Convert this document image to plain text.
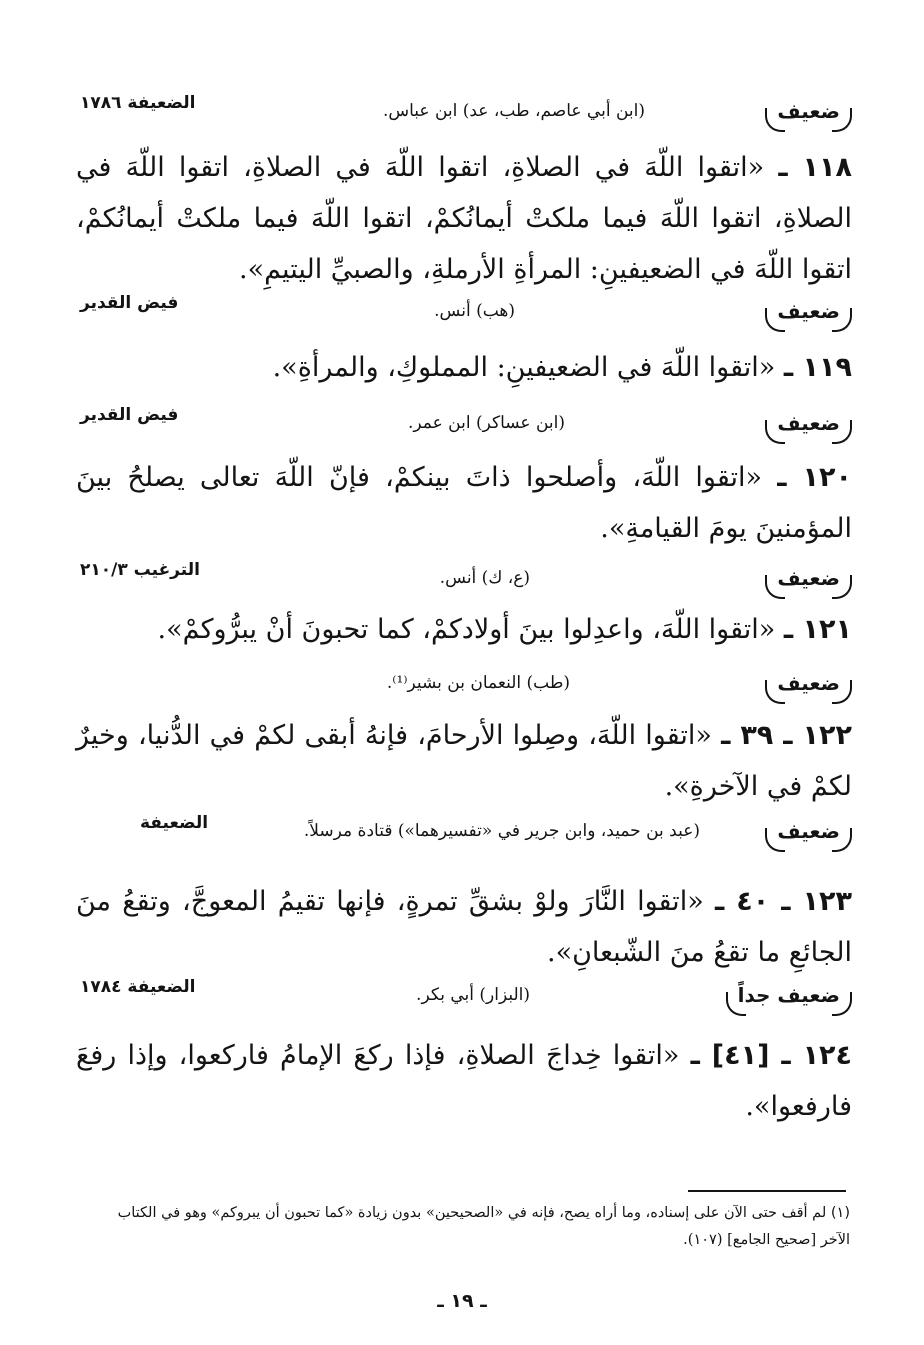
ضعيف
(ابن أبي عاصم، طب، عد) ابن عباس.
الضعيفة ١٧٨٦
١١٨ ـ «اتقوا اللّهَ في الصلاةِ، اتقوا اللّهَ في الصلاةِ، اتقوا اللّهَ في الصلاةِ، اتقوا اللّهَ فيما ملكتْ أيمانُكمْ، اتقوا اللّهَ فيما ملكتْ أيمانُكمْ، اتقوا اللّهَ في الضعيفينِ: المرأةِ الأرملةِ، والصبيِّ اليتيمِ».
ضعيف
(هب) أنس.
فيض القدير
١١٩ ـ «اتقوا اللّهَ في الضعيفينِ: المملوكِ، والمرأةِ».
ضعيف
(ابن عساكر) ابن عمر.
فيض القدير
١٢٠ ـ «اتقوا اللّهَ، وأصلحوا ذاتَ بينكمْ، فإنّ اللّهَ تعالى يصلحُ بينَ المؤمنينَ يومَ القيامةِ».
ضعيف
(ع، ك) أنس.
الترغيب ٢١٠/٣
١٢١ ـ «اتقوا اللّهَ، واعدِلوا بينَ أولادكمْ، كما تحبونَ أنْ يبرُّوكمْ».
ضعيف
(طب) النعمان بن بشير⁽¹⁾.
١٢٢ ـ ٣٩ ـ «اتقوا اللّهَ، وصِلوا الأرحامَ، فإنهُ أبقى لكمْ في الدُّنيا، وخيرٌ لكمْ في الآخرةِ».
ضعيف
(عبد بن حميد، وابن جرير في «تفسيرهما») قتادة مرسلاً.
الضعيفة
١٢٣ ـ ٤٠ ـ «اتقوا النَّارَ ولوْ بشقِّ تمرةٍ، فإنها تقيمُ المعوجَّ، وتقعُ منَ الجائعِ ما تقعُ منَ الشّبعانِ».
ضعيف جداً
(البزار) أبي بكر.
الضعيفة ١٧٨٤
١٢٤ ـ [٤١] ـ «اتقوا خِداجَ الصلاةِ، فإذا ركعَ الإمامُ فاركعوا، وإذا رفعَ فارفعوا».
(١) لم أقف حتى الآن على إسناده، وما أراه يصح، فإنه في «الصحيحين» بدون زيادة «كما تحبون أن يبروكم» وهو في الكتاب الآخر [صحيح الجامع] (١٠٧).
ـ ١٩ ـ
